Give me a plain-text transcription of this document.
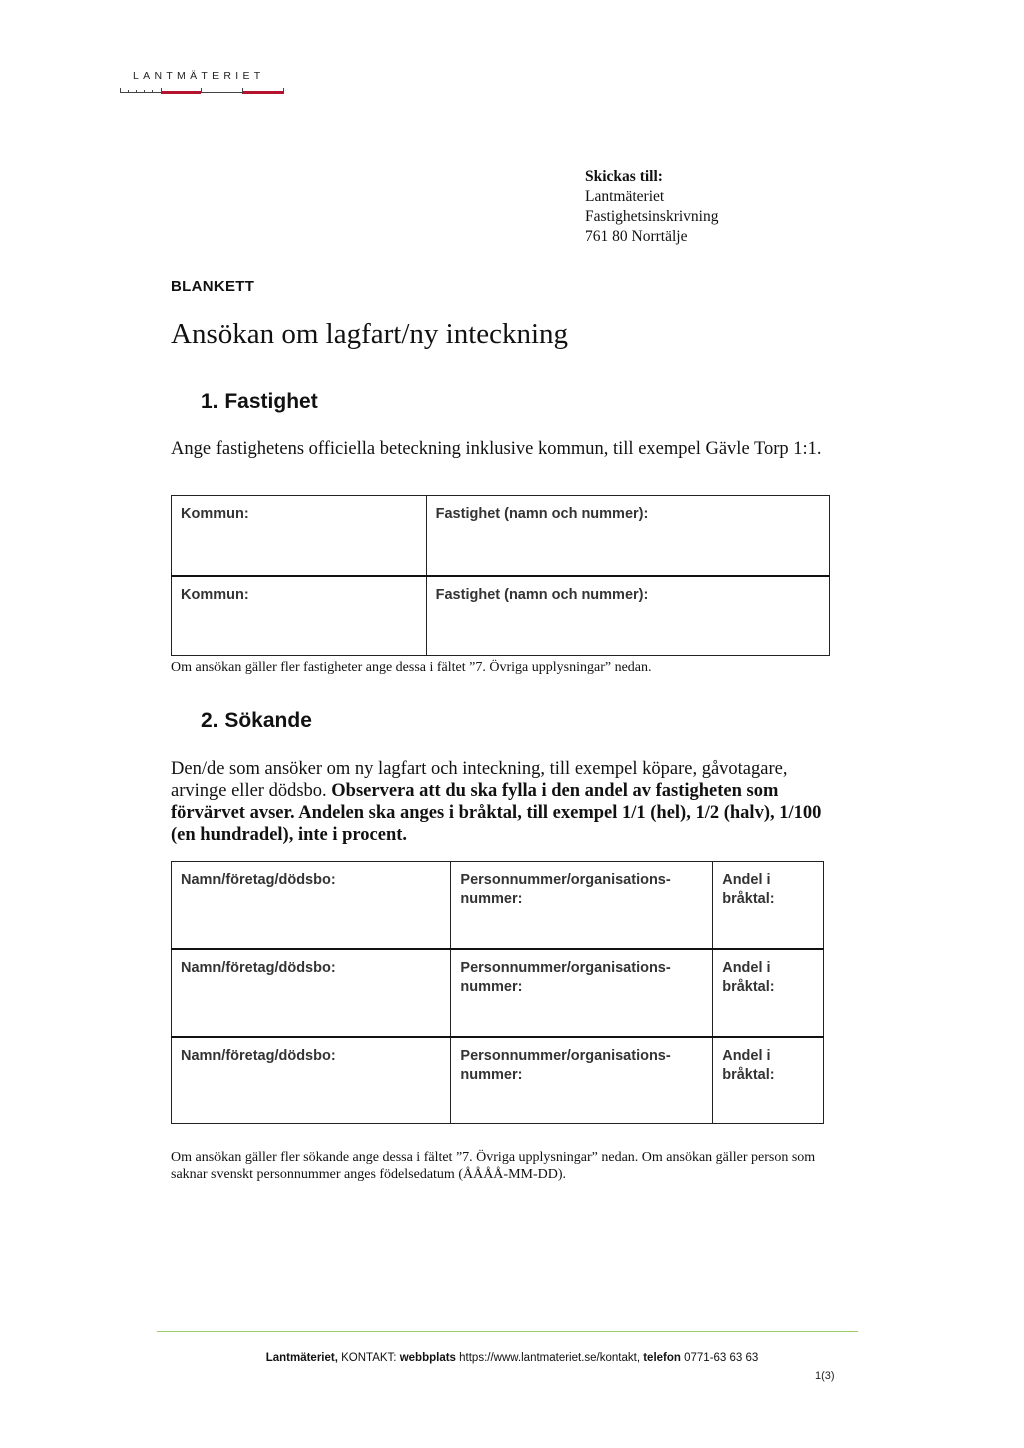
LANTMÄTERIET
Skickas till:
Lantmäteriet
Fastighetsinskrivning
761 80 Norrtälje
BLANKETT
Ansökan om lagfart/ny inteckning
1. Fastighet
Ange fastighetens officiella beteckning inklusive kommun, till exempel Gävle Torp 1:1.
Kommun:	Fastighet (namn och nummer):
Kommun:	Fastighet (namn och nummer):
Om ansökan gäller fler fastigheter ange dessa i fältet ”7. Övriga upplysningar” nedan.
2. Sökande
Den/de som ansöker om ny lagfart och inteckning, till exempel köpare, gåvotagare, arvinge eller dödsbo. Observera att du ska fylla i den andel av fastigheten som förvärvet avser. Andelen ska anges i bråktal, till exempel 1/1 (hel), 1/2 (halv), 1/100 (en hundradel), inte i procent.
Namn/företag/dödsbo:	Personnummer/organisations-nummer:	Andel i bråktal:
Namn/företag/dödsbo:	Personnummer/organisations-nummer:	Andel i bråktal:
Namn/företag/dödsbo:	Personnummer/organisations-nummer:	Andel i bråktal:
Om ansökan gäller fler sökande ange dessa i fältet ”7. Övriga upplysningar” nedan. Om ansökan gäller person som saknar svenskt personnummer anges födelsedatum (ÅÅÅÅ-MM-DD).
Lantmäteriet, KONTAKT: webbplats https://www.lantmateriet.se/kontakt, telefon 0771-63 63 63
1(3)
